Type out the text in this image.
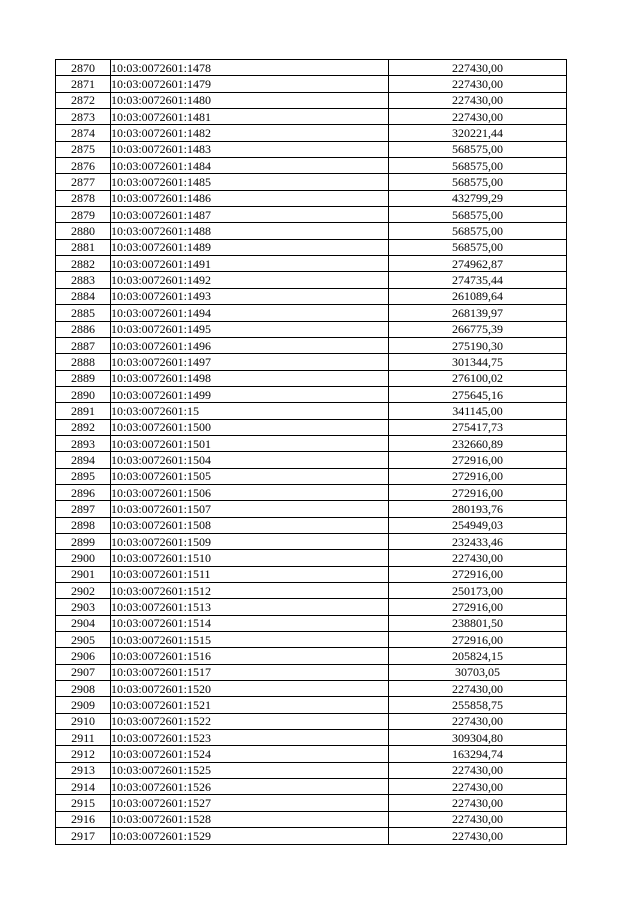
2870	10:03:0072601:1478	227430,00
2871	10:03:0072601:1479	227430,00
2872	10:03:0072601:1480	227430,00
2873	10:03:0072601:1481	227430,00
2874	10:03:0072601:1482	320221,44
2875	10:03:0072601:1483	568575,00
2876	10:03:0072601:1484	568575,00
2877	10:03:0072601:1485	568575,00
2878	10:03:0072601:1486	432799,29
2879	10:03:0072601:1487	568575,00
2880	10:03:0072601:1488	568575,00
2881	10:03:0072601:1489	568575,00
2882	10:03:0072601:1491	274962,87
2883	10:03:0072601:1492	274735,44
2884	10:03:0072601:1493	261089,64
2885	10:03:0072601:1494	268139,97
2886	10:03:0072601:1495	266775,39
2887	10:03:0072601:1496	275190,30
2888	10:03:0072601:1497	301344,75
2889	10:03:0072601:1498	276100,02
2890	10:03:0072601:1499	275645,16
2891	10:03:0072601:15	341145,00
2892	10:03:0072601:1500	275417,73
2893	10:03:0072601:1501	232660,89
2894	10:03:0072601:1504	272916,00
2895	10:03:0072601:1505	272916,00
2896	10:03:0072601:1506	272916,00
2897	10:03:0072601:1507	280193,76
2898	10:03:0072601:1508	254949,03
2899	10:03:0072601:1509	232433,46
2900	10:03:0072601:1510	227430,00
2901	10:03:0072601:1511	272916,00
2902	10:03:0072601:1512	250173,00
2903	10:03:0072601:1513	272916,00
2904	10:03:0072601:1514	238801,50
2905	10:03:0072601:1515	272916,00
2906	10:03:0072601:1516	205824,15
2907	10:03:0072601:1517	30703,05
2908	10:03:0072601:1520	227430,00
2909	10:03:0072601:1521	255858,75
2910	10:03:0072601:1522	227430,00
2911	10:03:0072601:1523	309304,80
2912	10:03:0072601:1524	163294,74
2913	10:03:0072601:1525	227430,00
2914	10:03:0072601:1526	227430,00
2915	10:03:0072601:1527	227430,00
2916	10:03:0072601:1528	227430,00
2917	10:03:0072601:1529	227430,00
